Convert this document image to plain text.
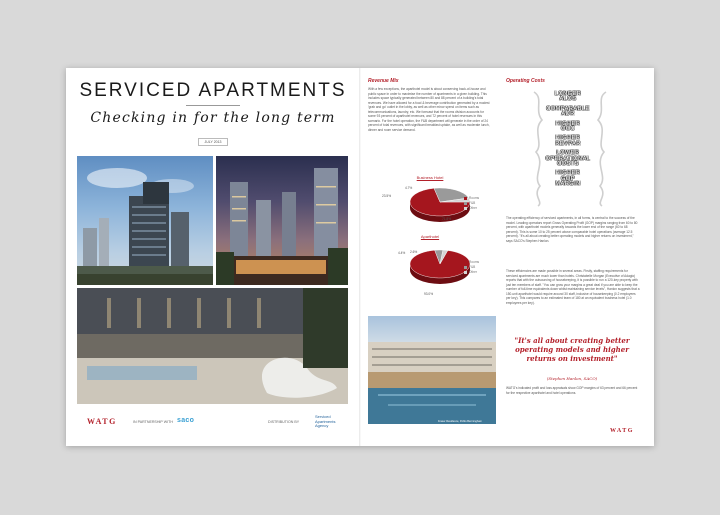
SERVICED APARTMENTS
Checking in for the long term
JULY 2013
WATG	IN PARTNERSHIP WITH saco	DISTRIBUTION BY
Serviced
Apartments
Agency
Revenue Mix
With a few exceptions, the aparthotel model is about conserving back-of-house and public space in order to maximise the number of apartments in a given building. This includes space typically generated between 80 and 88 percent of a building's total revenues. We have allowed for a food & beverage contribution generated by a modest 'grab and go' outlet in the lobby, as well as other minor spend on items such as telecommunications, laundry, etc. We forecast that the rooms division accounts for some 93 percent of aparthotel revenues, and 72 percent of hotel revenues in this scenario. For the hotel operation, the F&B department will generate in the order of 24 percent of total revenues, with significant breakfast uptake, as well as moderate lunch, dinner and room service demand.
Business Hotel
23.5%
4.7%
71.8%
Rooms
F&B
Other
Aparthotel
4.4% 2.6%
93.0%
Rooms
F&B
Other
Operating Costs
LONGER
ALOS
COMPARABLE
ADR
HIGHER
OCC
HIGHER
REVPAR
LOWER
OPERATIONAL
COSTS
HIGHER
GOP
MARGIN
The operating efficiency of serviced apartments, in all forms, is central to the success of the model. Leading operators report Gross Operating Profit (GOP) margins ranging from 60 to 80 percent, with aparthotel models generally towards the lower end of the range (60 to 68 percent). This is some 10 to 25 percent above comparable hotel operations (average 12.5 percent). "It's all about creating better operating models and higher returns on investment," says SACO's Stephen Hanlon.
These efficiencies are made possible in several areas. Firstly, staffing requirements for serviced apartments are much lower than hotels. Christabelle Morgan (Executive of Adagio) reports that with the outsourcing of housekeeping, it is possible to run a 120-key property with just ten members of staff. "You can grow your margins a great deal if you are able to keep the number of full-time equivalents down whilst maintaining service levels", Hanlon suggests that a 150-unit aparthotel would require around 30 staff, inclusive of housekeeping (0.2 employees per key). This compares to an estimated team of 180 at an equivalent business hotel (1.0 employees per key).
Fraser Residence, Poblo Bermingham
"It's all about creating better operating models and higher returns on investment"
(Stephen Hanlon, SACO)
WATG's indicated profit and loss appraisals show GOP margins of 63 percent and 66 percent for the respective aparthotel and hotel operations.
WATG
